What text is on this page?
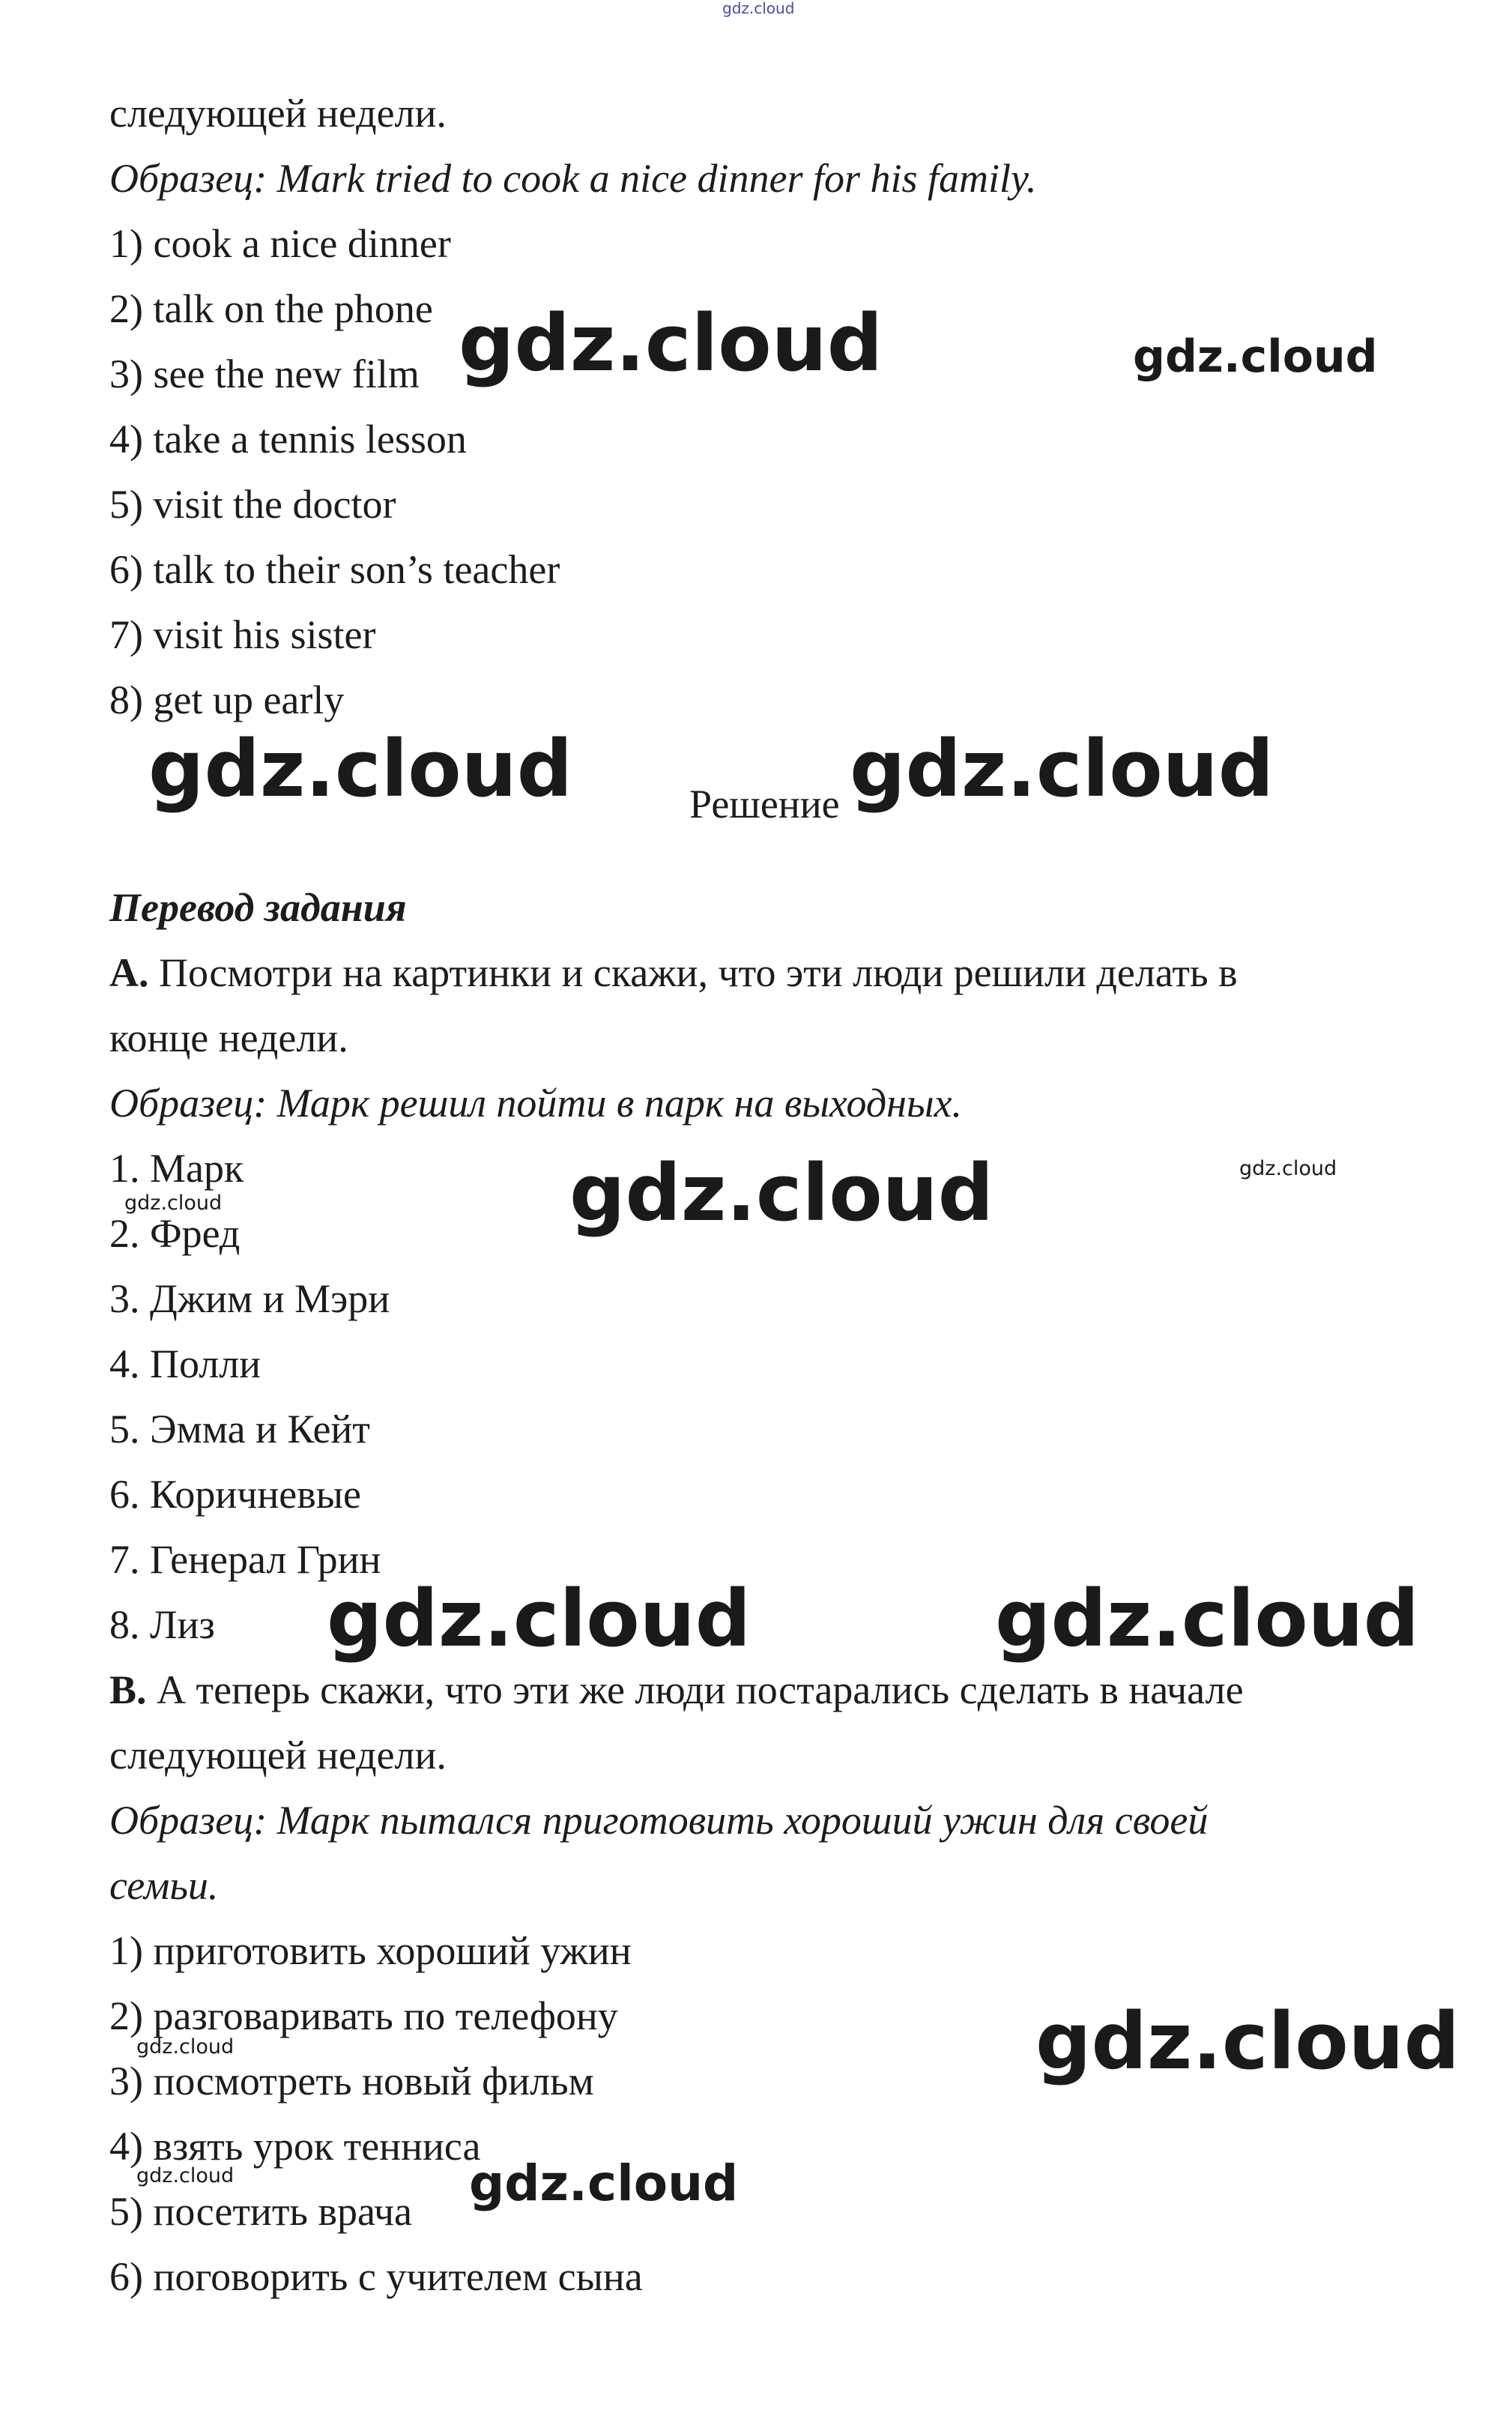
gdz.cloud
следующей недели.
Образец: Mark tried to cook a nice dinner for his family.
1) cook a nice dinner
2) talk on the phone
3) see the new film
4) take a tennis lesson
5) visit the doctor
6) talk to their son’s teacher
7) visit his sister
8) get up early
Решение
Перевод задания
A. Посмотри на картинки и скажи, что эти люди решили делать в
конце недели.
Образец: Марк решил пойти в парк на выходных.
1. Марк
2. Фред
3. Джим и Мэри
4. Полли
5. Эмма и Кейт
6. Коричневые
7. Генерал Грин
8. Лиз
B. А теперь скажи, что эти же люди постарались сделать в начале
следующей недели.
Образец: Марк пытался приготовить хороший ужин для своей
семьи.
1) приготовить хороший ужин
2) разговаривать по телефону
3) посмотреть новый фильм
4) взять урок тенниса
5) посетить врача
6) поговорить с учителем сына
gdz.cloud	gdz.cloud
gdz.cloud	gdz.cloud
gdz.cloud
gdz.cloud	gdz.cloud
gdz.cloud	gdz.cloud
gdz.cloud
gdz.cloud
gdz.cloud	gdz.cloud
